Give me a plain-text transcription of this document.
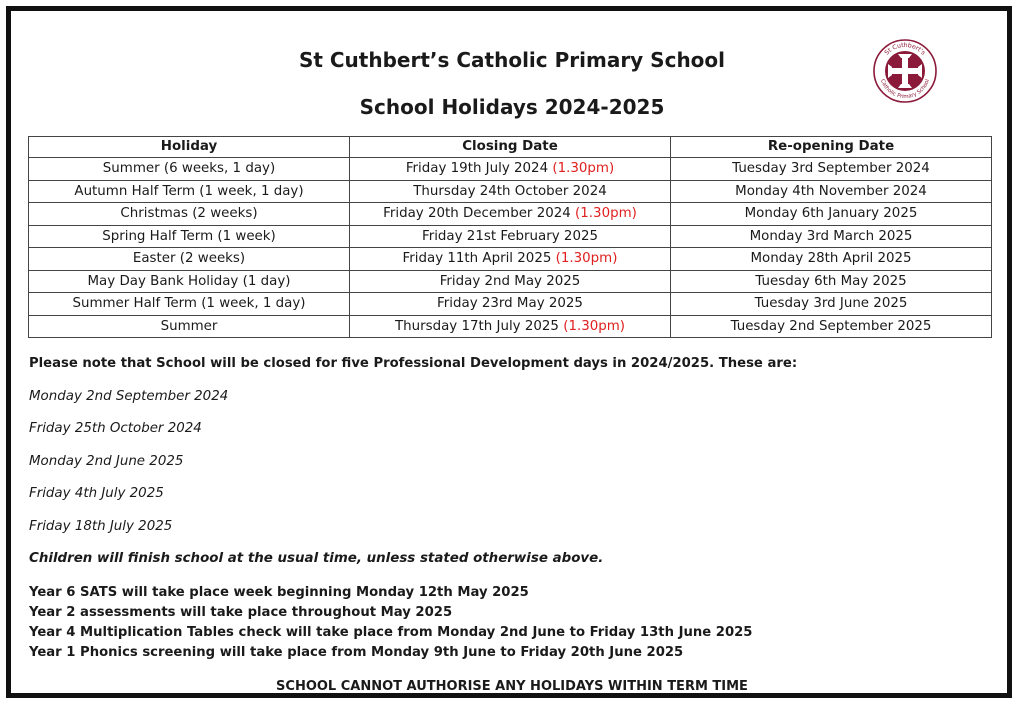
St Cuthbert’s Catholic Primary School
School Holidays 2024-2025
St Cuthbert's
Catholic Primary School
Holiday	Closing Date	Re-opening Date
Summer (6 weeks, 1 day)	Friday 19th July 2024 (1.30pm)	Tuesday 3rd September 2024
Autumn Half Term (1 week, 1 day)	Thursday 24th October 2024	Monday 4th November 2024
Christmas (2 weeks)	Friday 20th December 2024 (1.30pm)	Monday 6th January 2025
Spring Half Term (1 week)	Friday 21st February 2025	Monday 3rd March 2025
Easter (2 weeks)	Friday 11th April 2025 (1.30pm)	Monday 28th April 2025
May Day Bank Holiday (1 day)	Friday 2nd May 2025	Tuesday 6th May 2025
Summer Half Term (1 week, 1 day)	Friday 23rd May 2025	Tuesday 3rd June 2025
Summer	Thursday 17th July 2025 (1.30pm)	Tuesday 2nd September 2025
Please note that School will be closed for five Professional Development days in 2024/2025. These are:
Monday 2nd September 2024
Friday 25th October 2024
Monday 2nd June 2025
Friday 4th July 2025
Friday 18th July 2025
Children will finish school at the usual time, unless stated otherwise above.
Year 6 SATS will take place week beginning Monday 12th May 2025
Year 2 assessments will take place throughout May 2025
Year 4 Multiplication Tables check will take place from Monday 2nd June to Friday 13th June 2025
Year 1 Phonics screening will take place from Monday 9th June to Friday 20th June 2025
SCHOOL CANNOT AUTHORISE ANY HOLIDAYS WITHIN TERM TIME
